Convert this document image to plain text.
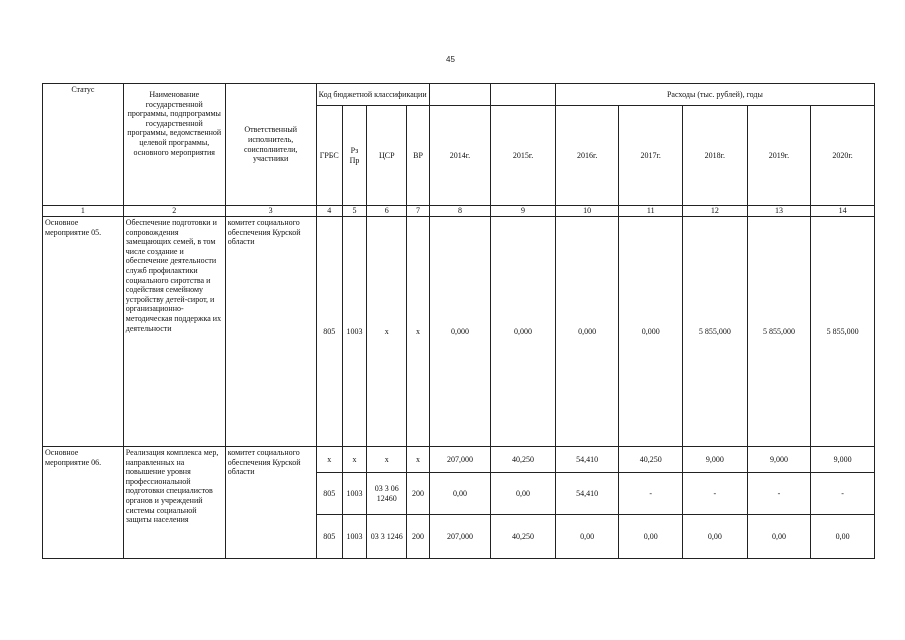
45
Статус	Наименование государственной программы, подпрограммы государственной программы, ведомственной целевой программы, основного мероприятия	Ответственный исполнитель, соисполнители, участники	Код бюджетной классификации						Расходы (тыс. рублей), годы				
			ГРБС	Рз Пр	ЦСР	ВР	2014г.	2015г.	2016г.	2017г.	2018г.	2019г.	2020г.
1	2	3	4	5	6	7	8	9	10	11	12	13	14
Основное мероприятие 05.	Обеспечение подготовки и сопровождения замещающих семей, в том числе создание и обеспечение деятельности служб профилактики социального сиротства и содействия семейному устройству детей-сирот, и организационно-методическая поддержка их деятельности	комитет социального обеспечения Курской области	805	1003	x	x	0,000	0,000	0,000	0,000	5 855,000	5 855,000	5 855,000
Основное мероприятие 06.	Реализация комплекса мер, направленных на повышение уровня профессиональной подготовки специалистов органов и учреждений системы социальной защиты населения	комитет социального обеспечения Курской области	x	x	x	x	207,000	40,250	54,410	40,250	9,000	9,000	9,000
			805	1003	03 3 06 12460	200	0,00	0,00	54,410	-	-	-	-
			805	1003	03 3 1246	200	207,000	40,250	0,00	0,00	0,00	0,00	0,00
